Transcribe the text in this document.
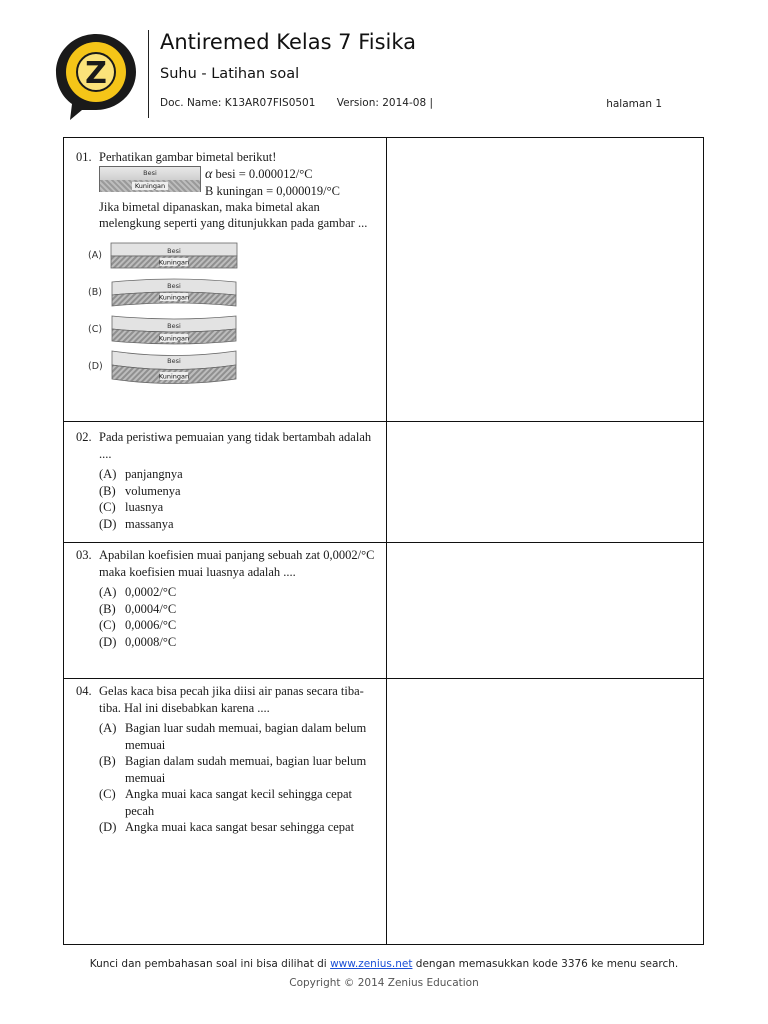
Z
Antiremed Kelas 7 Fisika
Suhu - Latihan soal
Doc. Name: K13AR07FIS0501 Version: 2014-08 |	halaman 1
01. Perhatikan gambar bimetal berikut!
Besi
Kuningan
α besi = 0.000012/°C
B kuningan = 0,000019/°C
Jika bimetal dipanaskan, maka bimetal akan melengkung seperti yang ditunjukkan pada gambar ...
(A)	Besi
Kuningan
(B)
Besi
Kuningan
(C)	Besi
Kuningan
(D)	Besi
Kuningan
02. Pada peristiwa pemuaian yang tidak bertambah adalah ....
(A) panjangnya
(B) volumenya
(C) luasnya
(D) massanya
03. Apabilan koefisien muai panjang sebuah zat 0,0002/°C maka koefisien muai luasnya adalah ....
(A) 0,0002/°C
(B) 0,0004/°C
(C) 0,0006/°C
(D) 0,0008/°C
04. Gelas kaca bisa pecah jika diisi air panas secara tiba-tiba. Hal ini disebabkan karena ....
(A) Bagian luar sudah memuai, bagian dalam belum memuai
(B) Bagian dalam sudah memuai, bagian luar belum memuai
(C) Angka muai kaca sangat kecil sehingga cepat pecah
(D) Angka muai kaca sangat besar sehingga cepat
Kunci dan pembahasan soal ini bisa dilihat di www.zenius.net dengan memasukkan kode 3376 ke menu search.
Copyright © 2014 Zenius Education
